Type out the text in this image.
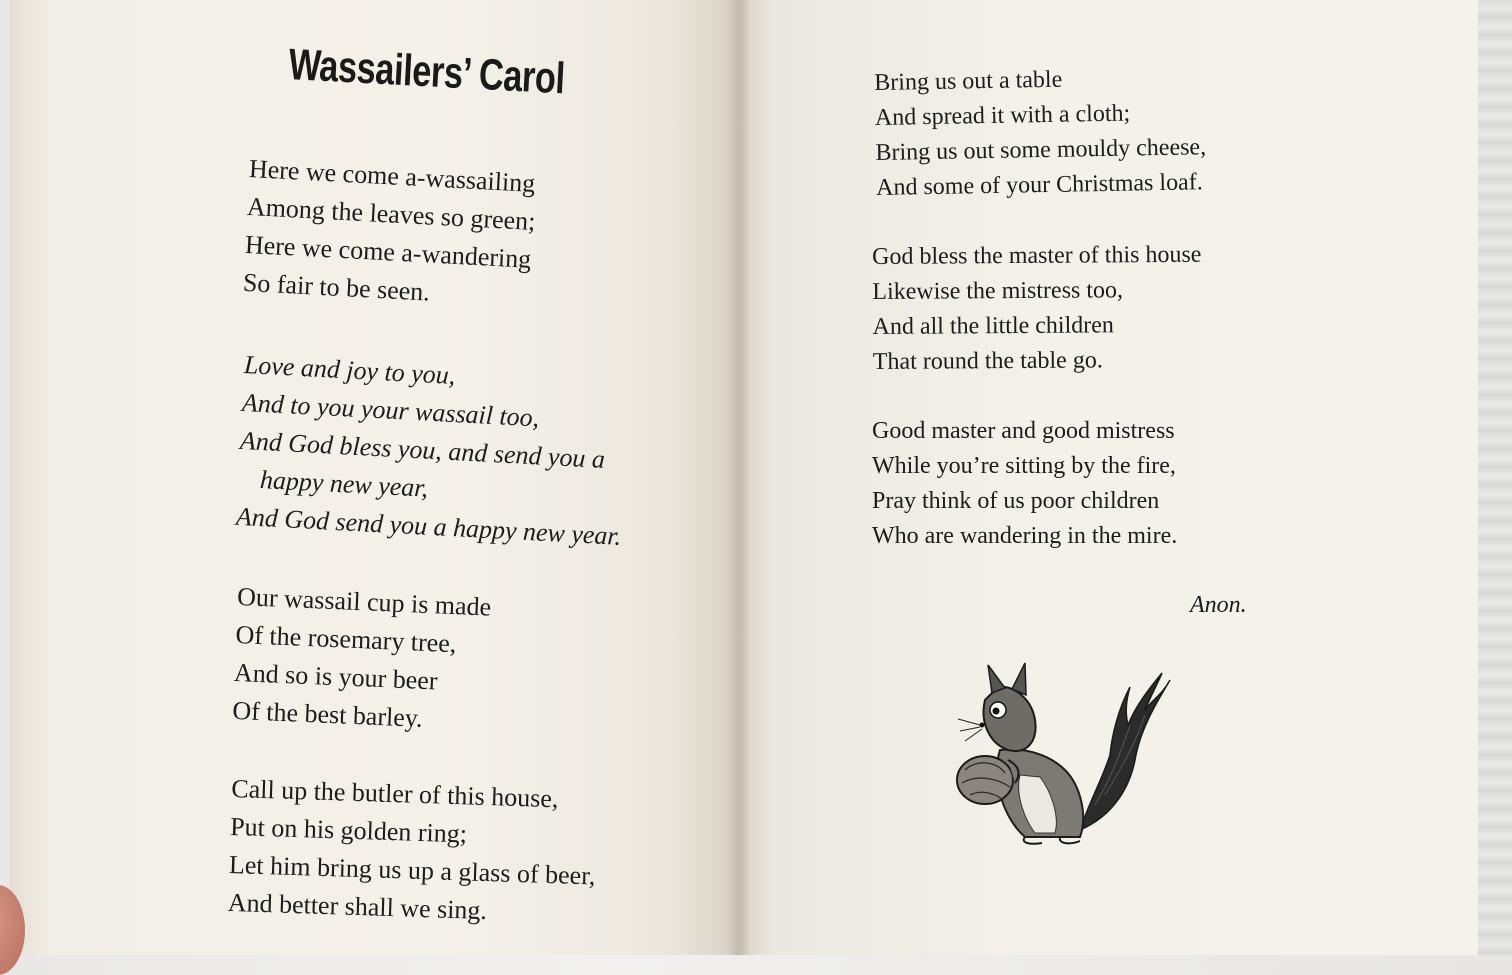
Wassailers’ Carol
Here we come a-wassailing
Among the leaves so green;
Here we come a-wandering
So fair to be seen.
Love and joy to you,
And to you your wassail too,
And God bless you, and send you a
happy new year,
And God send you a happy new year.
Our wassail cup is made
Of the rosemary tree,
And so is your beer
Of the best barley.
Call up the butler of this house,
Put on his golden ring;
Let him bring us up a glass of beer,
And better shall we sing.
Bring us out a table
And spread it with a cloth;
Bring us out some mouldy cheese,
And some of your Christmas loaf.
God bless the master of this house
Likewise the mistress too,
And all the little children
That round the table go.
Good master and good mistress
While you’re sitting by the fire,
Pray think of us poor children
Who are wandering in the mire.

Anon.
